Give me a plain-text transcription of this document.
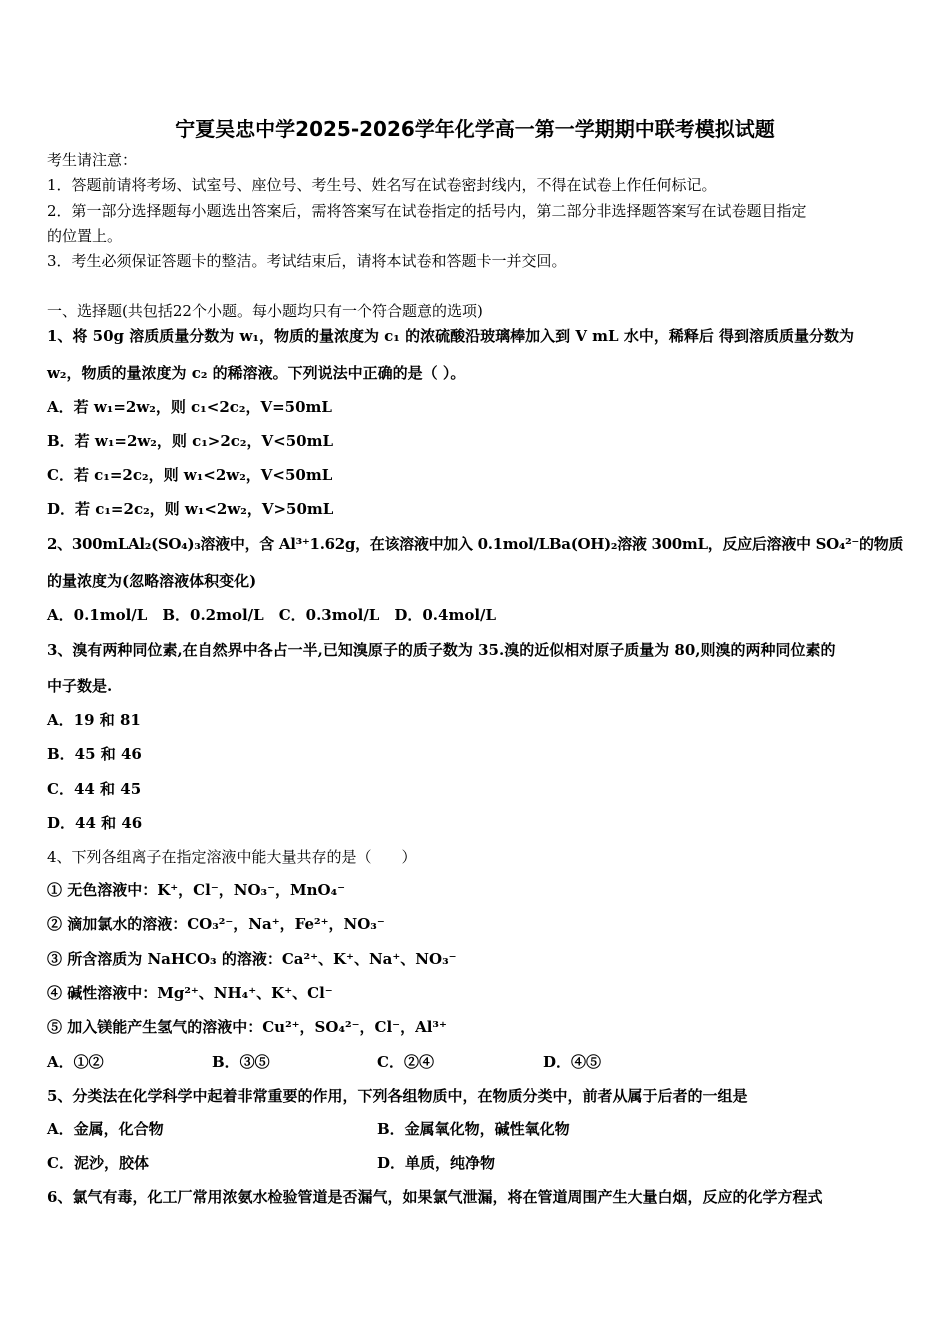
宁夏吴忠中学2025-2026学年化学高一第一学期期中联考模拟试题
考生请注意：
1．答题前请将考场、试室号、座位号、考生号、姓名写在试卷密封线内，不得在试卷上作任何标记。
2．第一部分选择题每小题选出答案后，需将答案写在试卷指定的括号内，第二部分非选择题答案写在试卷题目指定
的位置上。
3．考生必须保证答题卡的整洁。考试结束后，请将本试卷和答题卡一并交回。
一、选择题(共包括22个小题。每小题均只有一个符合题意的选项)
1、将 50g 溶质质量分数为 w₁，物质的量浓度为 c₁ 的浓硫酸沿玻璃棒加入到 V mL 水中，稀释后 得到溶质质量分数为
w₂，物质的量浓度为 c₂ 的稀溶液。下列说法中正确的是（ ）。
A．若 w₁=2w₂，则 c₁<2c₂，V=50mL
B．若 w₁=2w₂，则 c₁>2c₂，V<50mL
C．若 c₁=2c₂，则 w₁<2w₂，V<50mL
D．若 c₁=2c₂，则 w₁<2w₂，V>50mL
2、300mLAl₂(SO₄)₃溶液中，含 Al³⁺1.62g，在该溶液中加入 0.1mol/LBa(OH)₂溶液 300mL，反应后溶液中 SO₄²⁻的物质
的量浓度为(忽略溶液体积变化)
A．0.1mol/L　B．0.2mol/L　C．0.3mol/L　D．0.4mol/L
3、溴有两种同位素,在自然界中各占一半,已知溴原子的质子数为 35.溴的近似相对原子质量为 80,则溴的两种同位素的
中子数是.
A．19 和 81
B．45 和 46
C．44 和 45
D．44 和 46
4、下列各组离子在指定溶液中能大量共存的是（　　）
① 无色溶液中：K⁺，Cl⁻，NO₃⁻，MnO₄⁻
② 滴加氯水的溶液：CO₃²⁻，Na⁺，Fe²⁺，NO₃⁻
③ 所含溶质为 NaHCO₃ 的溶液：Ca²⁺、K⁺、Na⁺、NO₃⁻
④ 碱性溶液中：Mg²⁺、NH₄⁺、K⁺、Cl⁻
⑤ 加入镁能产生氢气的溶液中：Cu²⁺，SO₄²⁻，Cl⁻，Al³⁺
A．①②	B．③⑤	C．②④	D．④⑤
5、分类法在化学科学中起着非常重要的作用，下列各组物质中，在物质分类中，前者从属于后者的一组是
A．金属，化合物	B．金属氧化物，碱性氧化物
C．泥沙，胶体	D．单质，纯净物
6、氯气有毒，化工厂常用浓氨水检验管道是否漏气，如果氯气泄漏，将在管道周围产生大量白烟，反应的化学方程式
